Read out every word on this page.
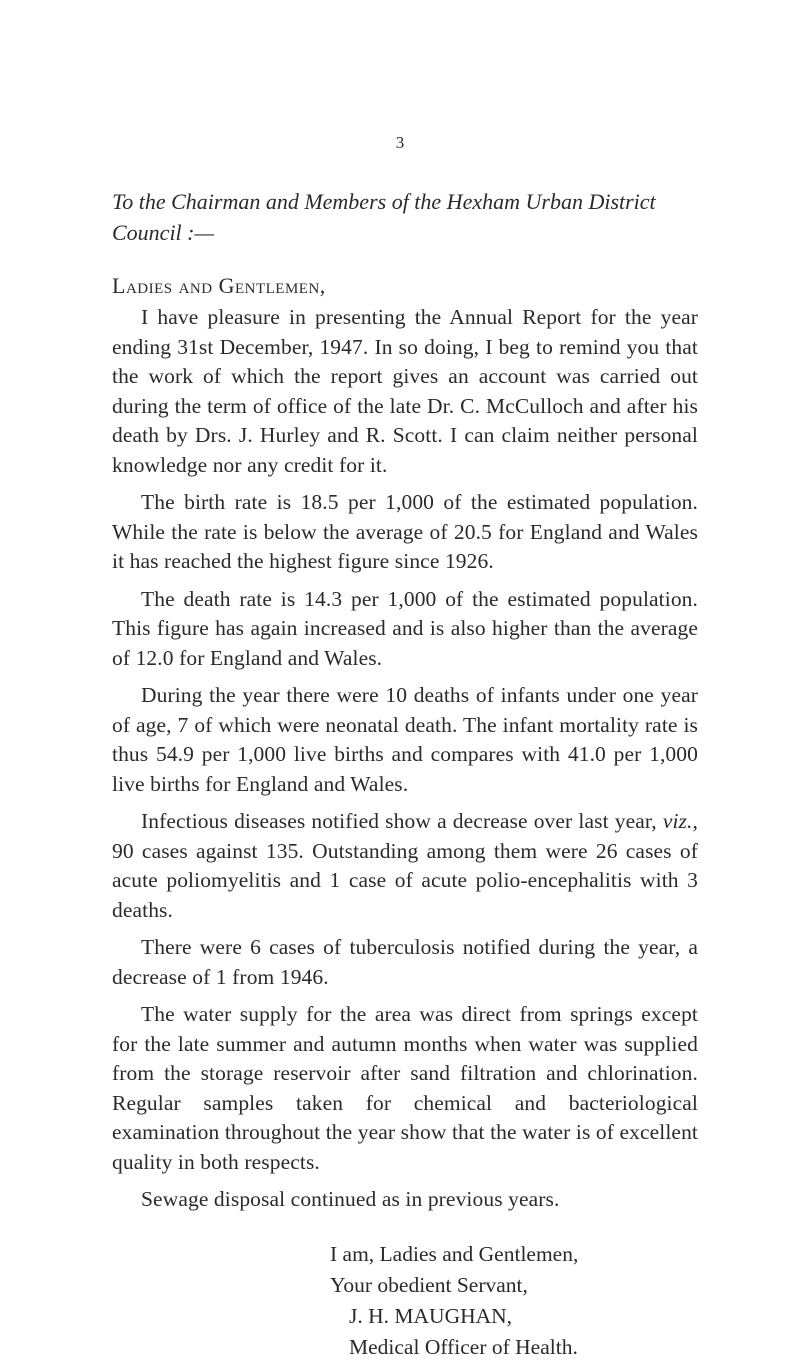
3

To the Chairman and Members of the Hexham Urban District Council :—

Ladies and Gentlemen,

I have pleasure in presenting the Annual Report for the year ending 31st December, 1947. In so doing, I beg to remind you that the work of which the report gives an account was carried out during the term of office of the late Dr. C. McCulloch and after his death by Drs. J. Hurley and R. Scott. I can claim neither personal knowledge nor any credit for it.

The birth rate is 18.5 per 1,000 of the estimated population. While the rate is below the average of 20.5 for England and Wales it has reached the highest figure since 1926.

The death rate is 14.3 per 1,000 of the estimated population. This figure has again increased and is also higher than the average of 12.0 for England and Wales.

During the year there were 10 deaths of infants under one year of age, 7 of which were neonatal death. The infant mortality rate is thus 54.9 per 1,000 live births and compares with 41.0 per 1,000 live births for England and Wales.

Infectious diseases notified show a decrease over last year, viz., 90 cases against 135. Outstanding among them were 26 cases of acute poliomyelitis and 1 case of acute polio-encephalitis with 3 deaths.

There were 6 cases of tuberculosis notified during the year, a decrease of 1 from 1946.

The water supply for the area was direct from springs except for the late summer and autumn months when water was supplied from the storage reservoir after sand filtration and chlorination. Regular samples taken for chemical and bacteriological examination throughout the year show that the water is of excellent quality in both respects.

Sewage disposal continued as in previous years.

I am, Ladies and Gentlemen,
Your obedient Servant,
J. H. MAUGHAN,
Medical Officer of Health.
